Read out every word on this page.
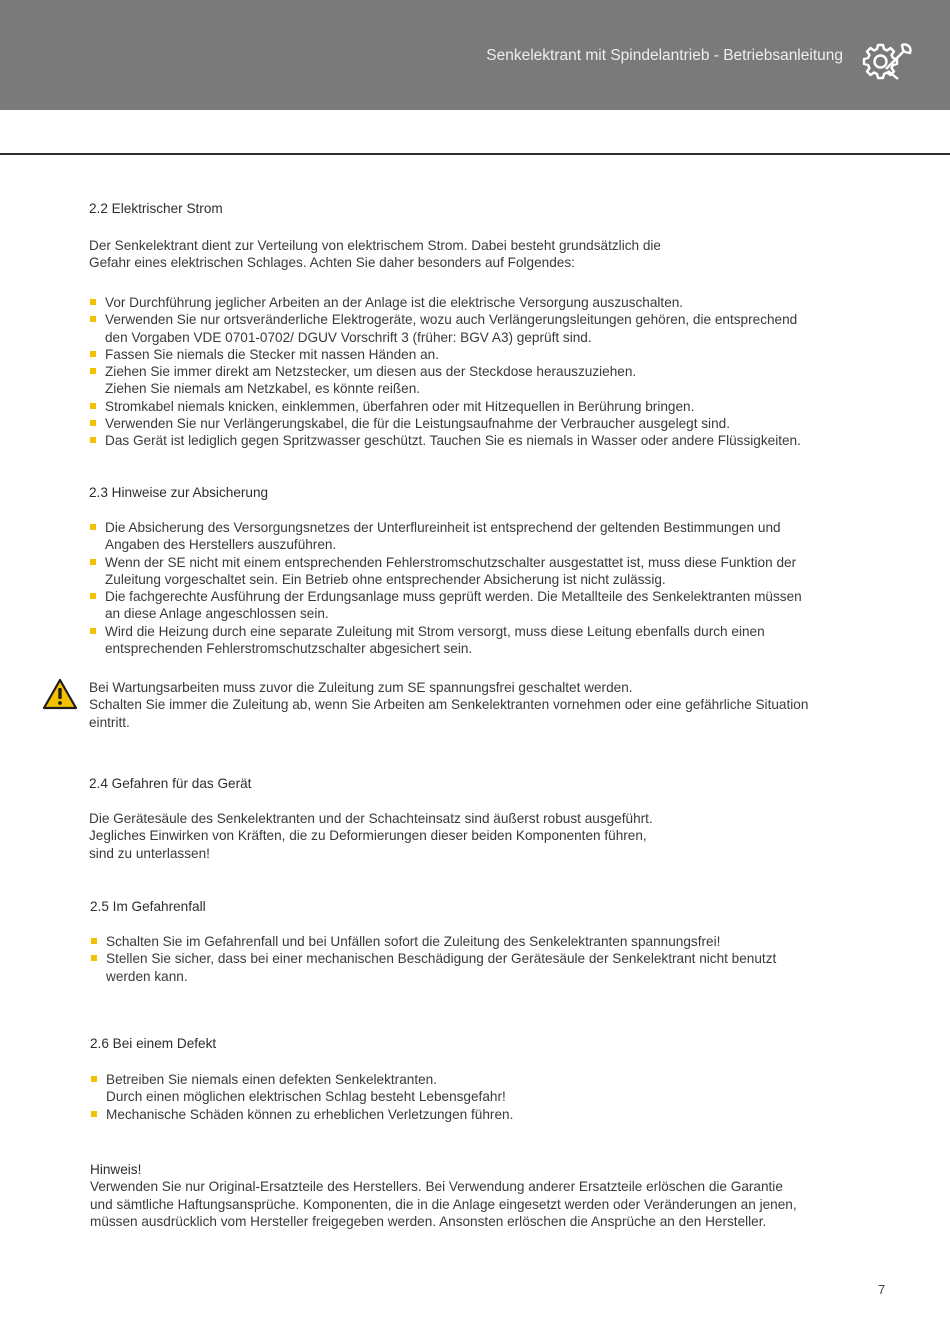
Senkelektrant mit Spindelantrieb - Betriebsanleitung
2.2 Elektrischer Strom
Der Senkelektrant dient zur Verteilung von elektrischem Strom. Dabei besteht grundsätzlich die
Gefahr eines elektrischen Schlages. Achten Sie daher besonders auf Folgendes:
Vor Durchführung jeglicher Arbeiten an der Anlage ist die elektrische Versorgung auszuschalten.
Verwenden Sie nur ortsveränderliche Elektrogeräte, wozu auch Verlängerungsleitungen gehören, die entsprechend
den Vorgaben VDE 0701-0702/ DGUV Vorschrift 3 (früher: BGV A3) geprüft sind.
Fassen Sie niemals die Stecker mit nassen Händen an.
Ziehen Sie immer direkt am Netzstecker, um diesen aus der Steckdose herauszuziehen.
Ziehen Sie niemals am Netzkabel, es könnte reißen.
Stromkabel niemals knicken, einklemmen, überfahren oder mit Hitzequellen in Berührung bringen.
Verwenden Sie nur Verlängerungskabel, die für die Leistungsaufnahme der Verbraucher ausgelegt sind.
Das Gerät ist lediglich gegen Spritzwasser geschützt. Tauchen Sie es niemals in Wasser oder andere Flüssigkeiten.
2.3 Hinweise zur Absicherung
Die Absicherung des Versorgungsnetzes der Unterflureinheit ist entsprechend der geltenden Bestimmungen und
Angaben des Herstellers auszuführen.
Wenn der SE nicht mit einem entsprechenden Fehlerstromschutzschalter ausgestattet ist, muss diese Funktion der
Zuleitung vorgeschaltet sein. Ein Betrieb ohne entsprechender Absicherung ist nicht zulässig.
Die fachgerechte Ausführung der Erdungsanlage muss geprüft werden. Die Metallteile des Senkelektranten müssen
an diese Anlage angeschlossen sein.
Wird die Heizung durch eine separate Zuleitung mit Strom versorgt, muss diese Leitung ebenfalls durch einen
entsprechenden Fehlerstromschutzschalter abgesichert sein.
Bei Wartungsarbeiten muss zuvor die Zuleitung zum SE spannungsfrei geschaltet werden.
Schalten Sie immer die Zuleitung ab, wenn Sie Arbeiten am Senkelektranten vornehmen oder eine gefährliche Situation
eintritt.
2.4 Gefahren für das Gerät
Die Gerätesäule des Senkelektranten und der Schachteinsatz sind äußerst robust ausgeführt.
Jegliches Einwirken von Kräften, die zu Deformierungen dieser beiden Komponenten führen,
sind zu unterlassen!
2.5 Im Gefahrenfall
Schalten Sie im Gefahrenfall und bei Unfällen sofort die Zuleitung des Senkelektranten spannungsfrei!
Stellen Sie sicher, dass bei einer mechanischen Beschädigung der Gerätesäule der Senkelektrant nicht benutzt
werden kann.
2.6 Bei einem Defekt
Betreiben Sie niemals einen defekten Senkelektranten.
Durch einen möglichen elektrischen Schlag besteht Lebensgefahr!
Mechanische Schäden können zu erheblichen Verletzungen führen.
Hinweis!
Verwenden Sie nur Original-Ersatzteile des Herstellers. Bei Verwendung anderer Ersatzteile erlöschen die Garantie
und sämtliche Haftungsansprüche. Komponenten, die in die Anlage eingesetzt werden oder Veränderungen an jenen,
müssen ausdrücklich vom Hersteller freigegeben werden. Ansonsten erlöschen die Ansprüche an den Hersteller.
7
